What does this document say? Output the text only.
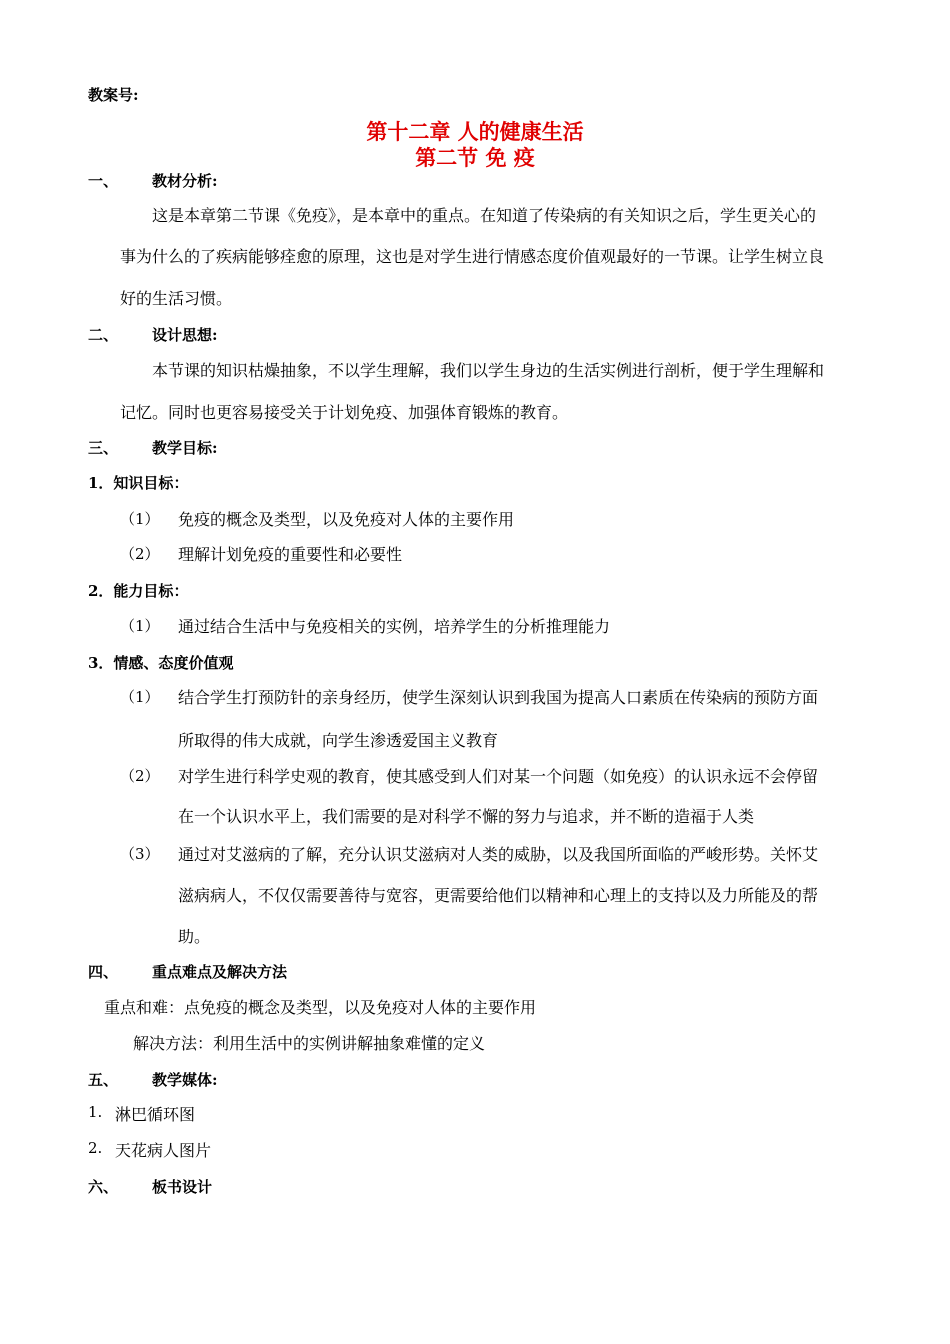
教案号:
第十二章 人的健康生活
第二节 免 疫
一、	教材分析:
这是本章第二节课《免疫》，是本章中的重点。在知道了传染病的有关知识之后，学生更关心的
事为什么的了疾病能够痊愈的原理，这也是对学生进行情感态度价值观最好的一节课。让学生树立良
好的生活习惯。
二、	设计思想:
本节课的知识枯燥抽象，不以学生理解，我们以学生身边的生活实例进行剖析，便于学生理解和
记忆。同时也更容易接受关于计划免疫、加强体育锻炼的教育。
三、	教学目标:
1．知识目标：
（1） 免疫的概念及类型，以及免疫对人体的主要作用
（2） 理解计划免疫的重要性和必要性
2．能力目标：
（1） 通过结合生活中与免疫相关的实例，培养学生的分析推理能力
3．情感、态度价值观
（1） 结合学生打预防针的亲身经历，使学生深刻认识到我国为提高人口素质在传染病的预防方面
所取得的伟大成就，向学生渗透爱国主义教育
（2） 对学生进行科学史观的教育，使其感受到人们对某一个问题（如免疫）的认识永远不会停留
在一个认识水平上，我们需要的是对科学不懈的努力与追求，并不断的造福于人类
（3） 通过对艾滋病的了解，充分认识艾滋病对人类的威胁，以及我国所面临的严峻形势。关怀艾
滋病病人，不仅仅需要善待与宽容，更需要给他们以精神和心理上的支持以及力所能及的帮
助。
四、	重点难点及解决方法
重点和难：点免疫的概念及类型，以及免疫对人体的主要作用
解决方法：利用生活中的实例讲解抽象难懂的定义
五、	教学媒体:
1. 淋巴循环图
2. 天花病人图片
六、	板书设计
